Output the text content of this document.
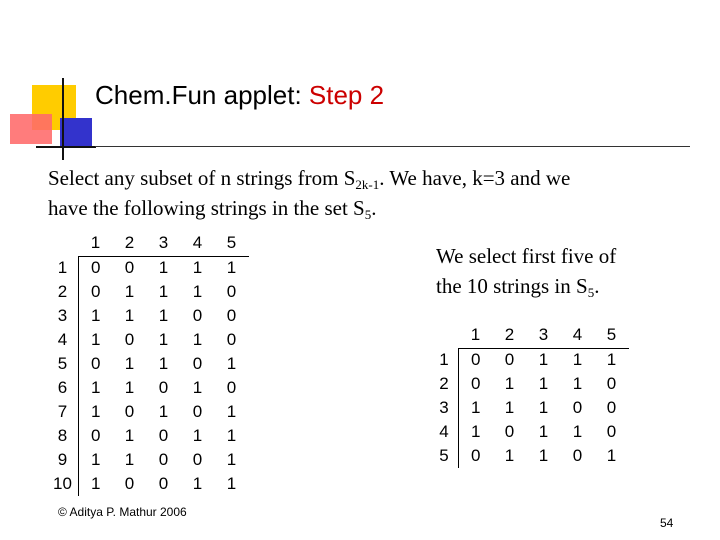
Chem.Fun applet: Step 2
Select any subset of n strings from $S_{2k-1}$. We have, k=3 and we
have the following strings in the set $S_5$.
We select first five of
the 10 strings in $S_5$.
	1	2	3	4	5
1	0	0	1	1	1
2	0	1	1	1	0
3	1	1	1	0	0
4	1	0	1	1	0
5	0	1	1	0	1
6	1	1	0	1	0
7	1	0	1	0	1
8	0	1	0	1	1
9	1	1	0	0	1
10	1	0	0	1	1
	1	2	3	4	5
1	0	0	1	1	1
2	0	1	1	1	0
3	1	1	1	0	0
4	1	0	1	1	0
5	0	1	1	0	1
© Aditya P. Mathur 2006
54
